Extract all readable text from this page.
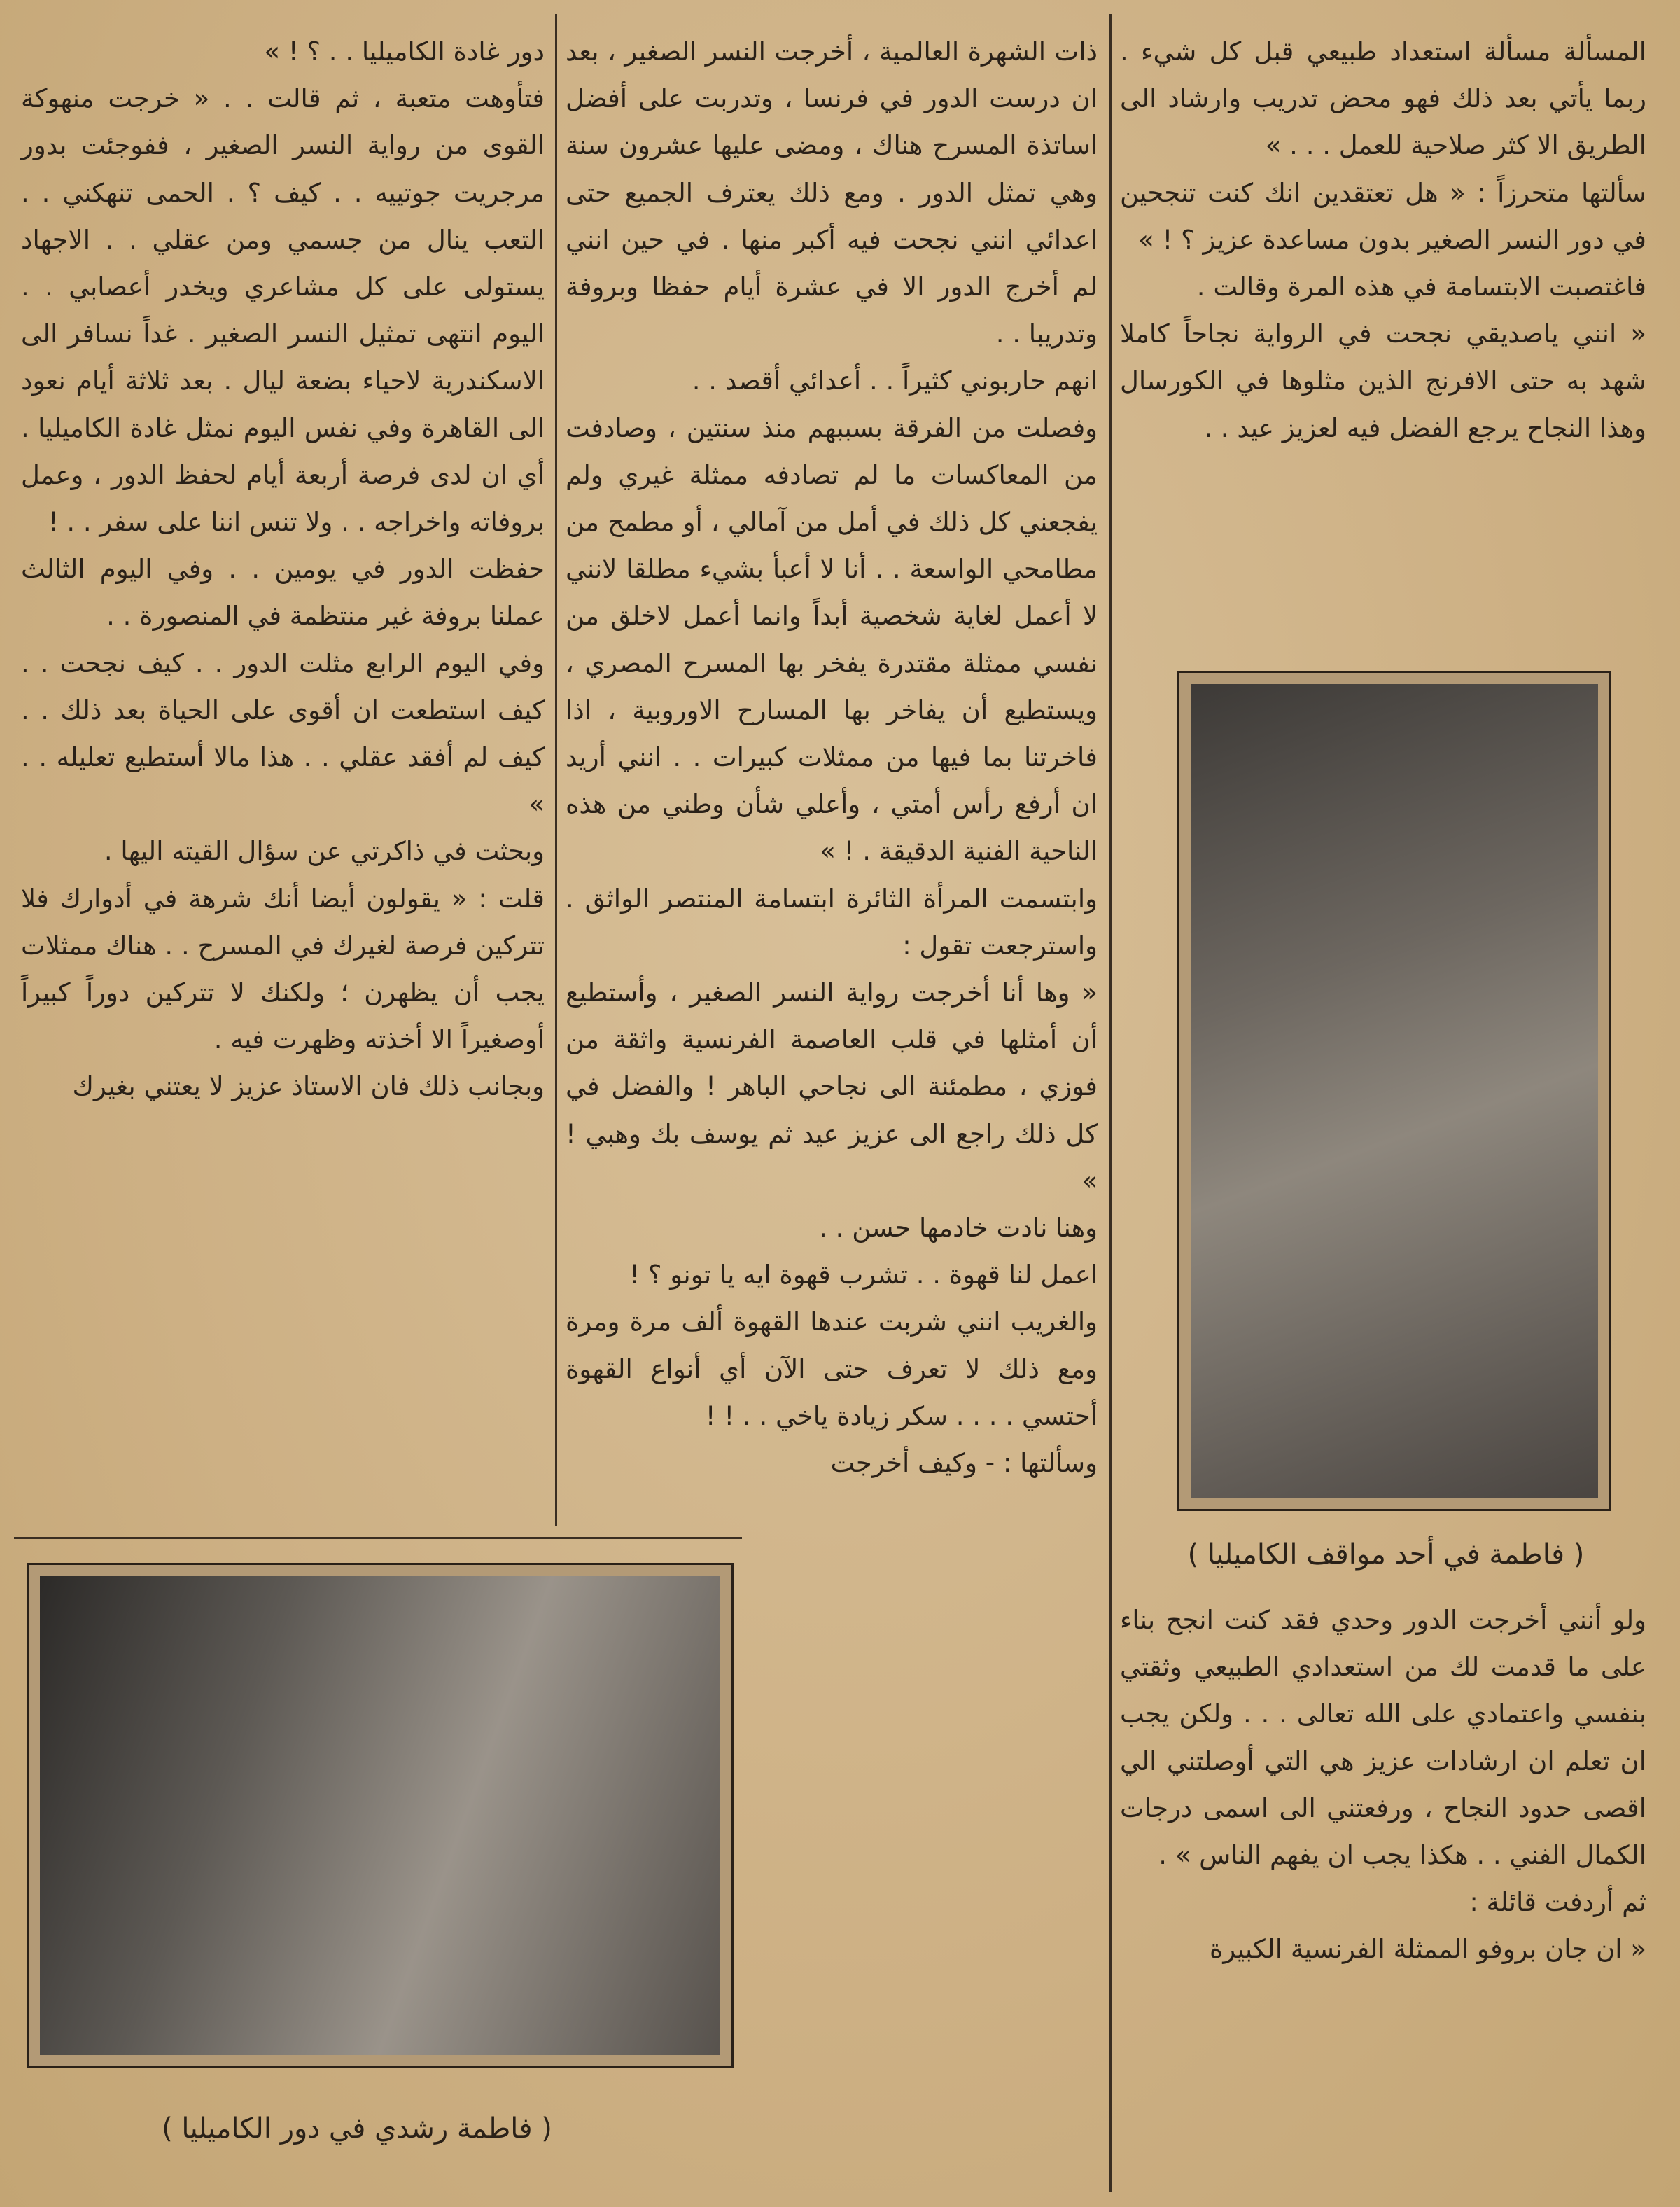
المسألة مسألة استعداد طبيعي قبل كل شيء . ربما يأتي بعد ذلك فهو محض تدريب وارشاد الى الطريق الا كثر صلاحية للعمل . . . »

سألتها متحرزاً : « هل تعتقدين انك كنت تنجحين في دور النسر الصغير بدون مساعدة عزيز ؟ ! »

فاغتصبت الابتسامة في هذه المرة وقالت .

« انني ياصديقي نجحت في الرواية نجاحاً كاملا شهد به حتى الافرنج الذين مثلوها في الكورسال وهذا النجاح يرجع الفضل فيه لعزيز عيد . .

( فاطمة في أحد مواقف الكاميليا )

ولو أنني أخرجت الدور وحدي فقد كنت انجح بناء على ما قدمت لك من استعدادي الطبيعي وثقتي بنفسي واعتمادي على الله تعالى . . . ولكن يجب ان تعلم ان ارشادات عزيز هي التي أوصلتني الي اقصى حدود النجاح ، ورفعتني الى اسمى درجات الكمال الفني . . هكذا يجب ان يفهم الناس » .

ثم أردفت قائلة :

« ان جان بروفو الممثلة الفرنسية الكبيرة

ذات الشهرة العالمية ، أخرجت النسر الصغير ، بعد ان درست الدور في فرنسا ، وتدربت على أفضل اساتذة المسرح هناك ، ومضى عليها عشرون سنة وهي تمثل الدور . ومع ذلك يعترف الجميع حتى اعدائي انني نجحت فيه أكبر منها . في حين انني لم أخرج الدور الا في عشرة أيام حفظا وبروفة وتدريبا . .

انهم حاربوني كثيراً . . أعدائي أقصد . .

وفصلت من الفرقة بسببهم منذ سنتين ، وصادفت من المعاكسات ما لم تصادفه ممثلة غيري ولم يفجعني كل ذلك في أمل من آمالي ، أو مطمح من مطامحي الواسعة . . أنا لا أعبأ بشيء مطلقا لانني لا أعمل لغاية شخصية أبداً وانما أعمل لاخلق من نفسي ممثلة مقتدرة يفخر بها المسرح المصري ، ويستطيع أن يفاخر بها المسارح الاوروبية ، اذا فاخرتنا بما فيها من ممثلات كبيرات . . انني أريد ان أرفع رأس أمتي ، وأعلي شأن وطني من هذه الناحية الفنية الدقيقة . ! »

وابتسمت المرأة الثائرة ابتسامة المنتصر الواثق . واسترجعت تقول :

« وها أنا أخرجت رواية النسر الصغير ، وأستطيع أن أمثلها في قلب العاصمة الفرنسية واثقة من فوزي ، مطمئنة الى نجاحي الباهر ! والفضل في كل ذلك راجع الى عزيز عيد ثم يوسف بك وهبي ! »

وهنا نادت خادمها حسن . .

اعمل لنا قهوة . . تشرب قهوة ايه يا تونو ؟ !

والغريب انني شربت عندها القهوة ألف مرة ومرة ومع ذلك لا تعرف حتى الآن أي أنواع القهوة أحتسي . . . . سكر زيادة ياخي . . ! !

وسألتها : - وكيف أخرجت

دور غادة الكاميليا . . ؟ ! »

فتأوهت متعبة ، ثم قالت . . « خرجت منهوكة القوى من رواية النسر الصغير ، ففوجئت بدور مرجريت جوتييه . . كيف ؟ . الحمى تنهكني . . التعب ينال من جسمي ومن عقلي . . الاجهاد يستولى على كل مشاعري ويخدر أعصابي . . اليوم انتهى تمثيل النسر الصغير . غداً نسافر الى الاسكندرية لاحياء بضعة ليال . بعد ثلاثة أيام نعود الى القاهرة وفي نفس اليوم نمثل غادة الكاميليا . أي ان لدى فرصة أربعة أيام لحفظ الدور ، وعمل بروفاته واخراجه . . ولا تنس اننا على سفر . . !

حفظت الدور في يومين . . وفي اليوم الثالث عملنا بروفة غير منتظمة في المنصورة . .

وفي اليوم الرابع مثلت الدور . . كيف نجحت . . كيف استطعت ان أقوى على الحياة بعد ذلك . . كيف لم أفقد عقلي . . هذا مالا أستطيع تعليله . . »

وبحثت في ذاكرتي عن سؤال القيته اليها .

قلت : « يقولون أيضا أنك شرهة في أدوارك فلا تتركين فرصة لغيرك في المسرح . . هناك ممثلات يجب أن يظهرن ؛ ولكنك لا تتركين دوراً كبيراً أوصغيراً الا أخذته وظهرت فيه .

وبجانب ذلك فان الاستاذ عزيز لا يعتني بغيرك

( فاطمة رشدي في دور الكاميليا )
